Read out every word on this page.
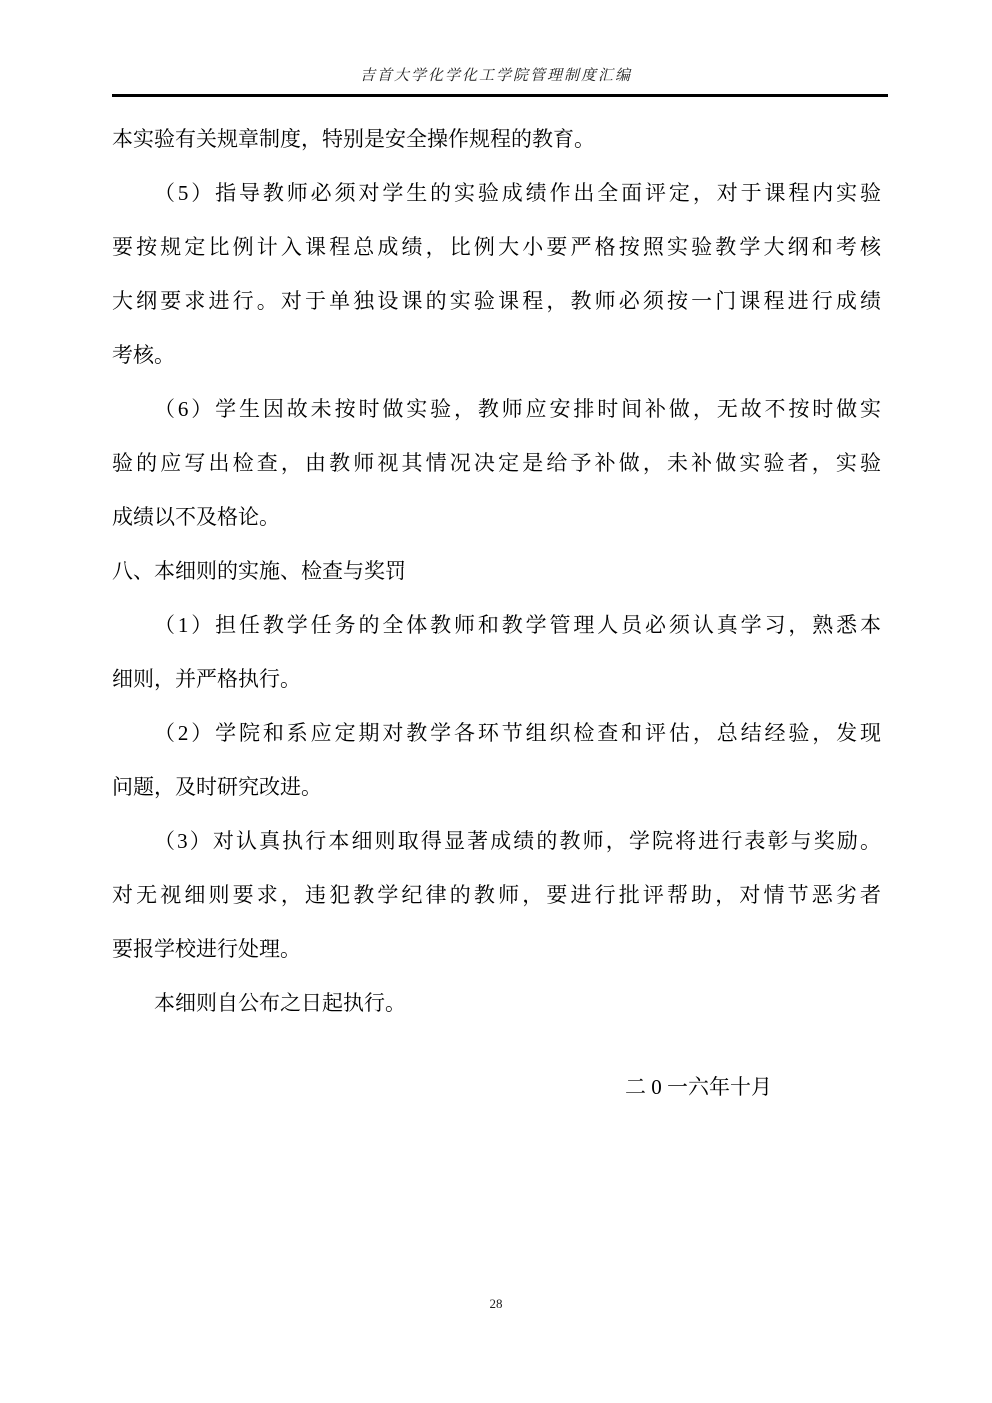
吉首大学化学化工学院管理制度汇编
本实验有关规章制度，特别是安全操作规程的教育。
（5）指导教师必须对学生的实验成绩作出全面评定，对于课程内实验
要按规定比例计入课程总成绩，比例大小要严格按照实验教学大纲和考核
大纲要求进行。对于单独设课的实验课程，教师必须按一门课程进行成绩
考核。
（6）学生因故未按时做实验，教师应安排时间补做，无故不按时做实
验的应写出检查，由教师视其情况决定是给予补做，未补做实验者，实验
成绩以不及格论。
八、本细则的实施、检查与奖罚
（1）担任教学任务的全体教师和教学管理人员必须认真学习，熟悉本
细则，并严格执行。
（2）学院和系应定期对教学各环节组织检查和评估，总结经验，发现
问题，及时研究改进。
（3）对认真执行本细则取得显著成绩的教师，学院将进行表彰与奖励。
对无视细则要求，违犯教学纪律的教师，要进行批评帮助，对情节恶劣者
要报学校进行处理。
本细则自公布之日起执行。
二 0 一六年十月
28
